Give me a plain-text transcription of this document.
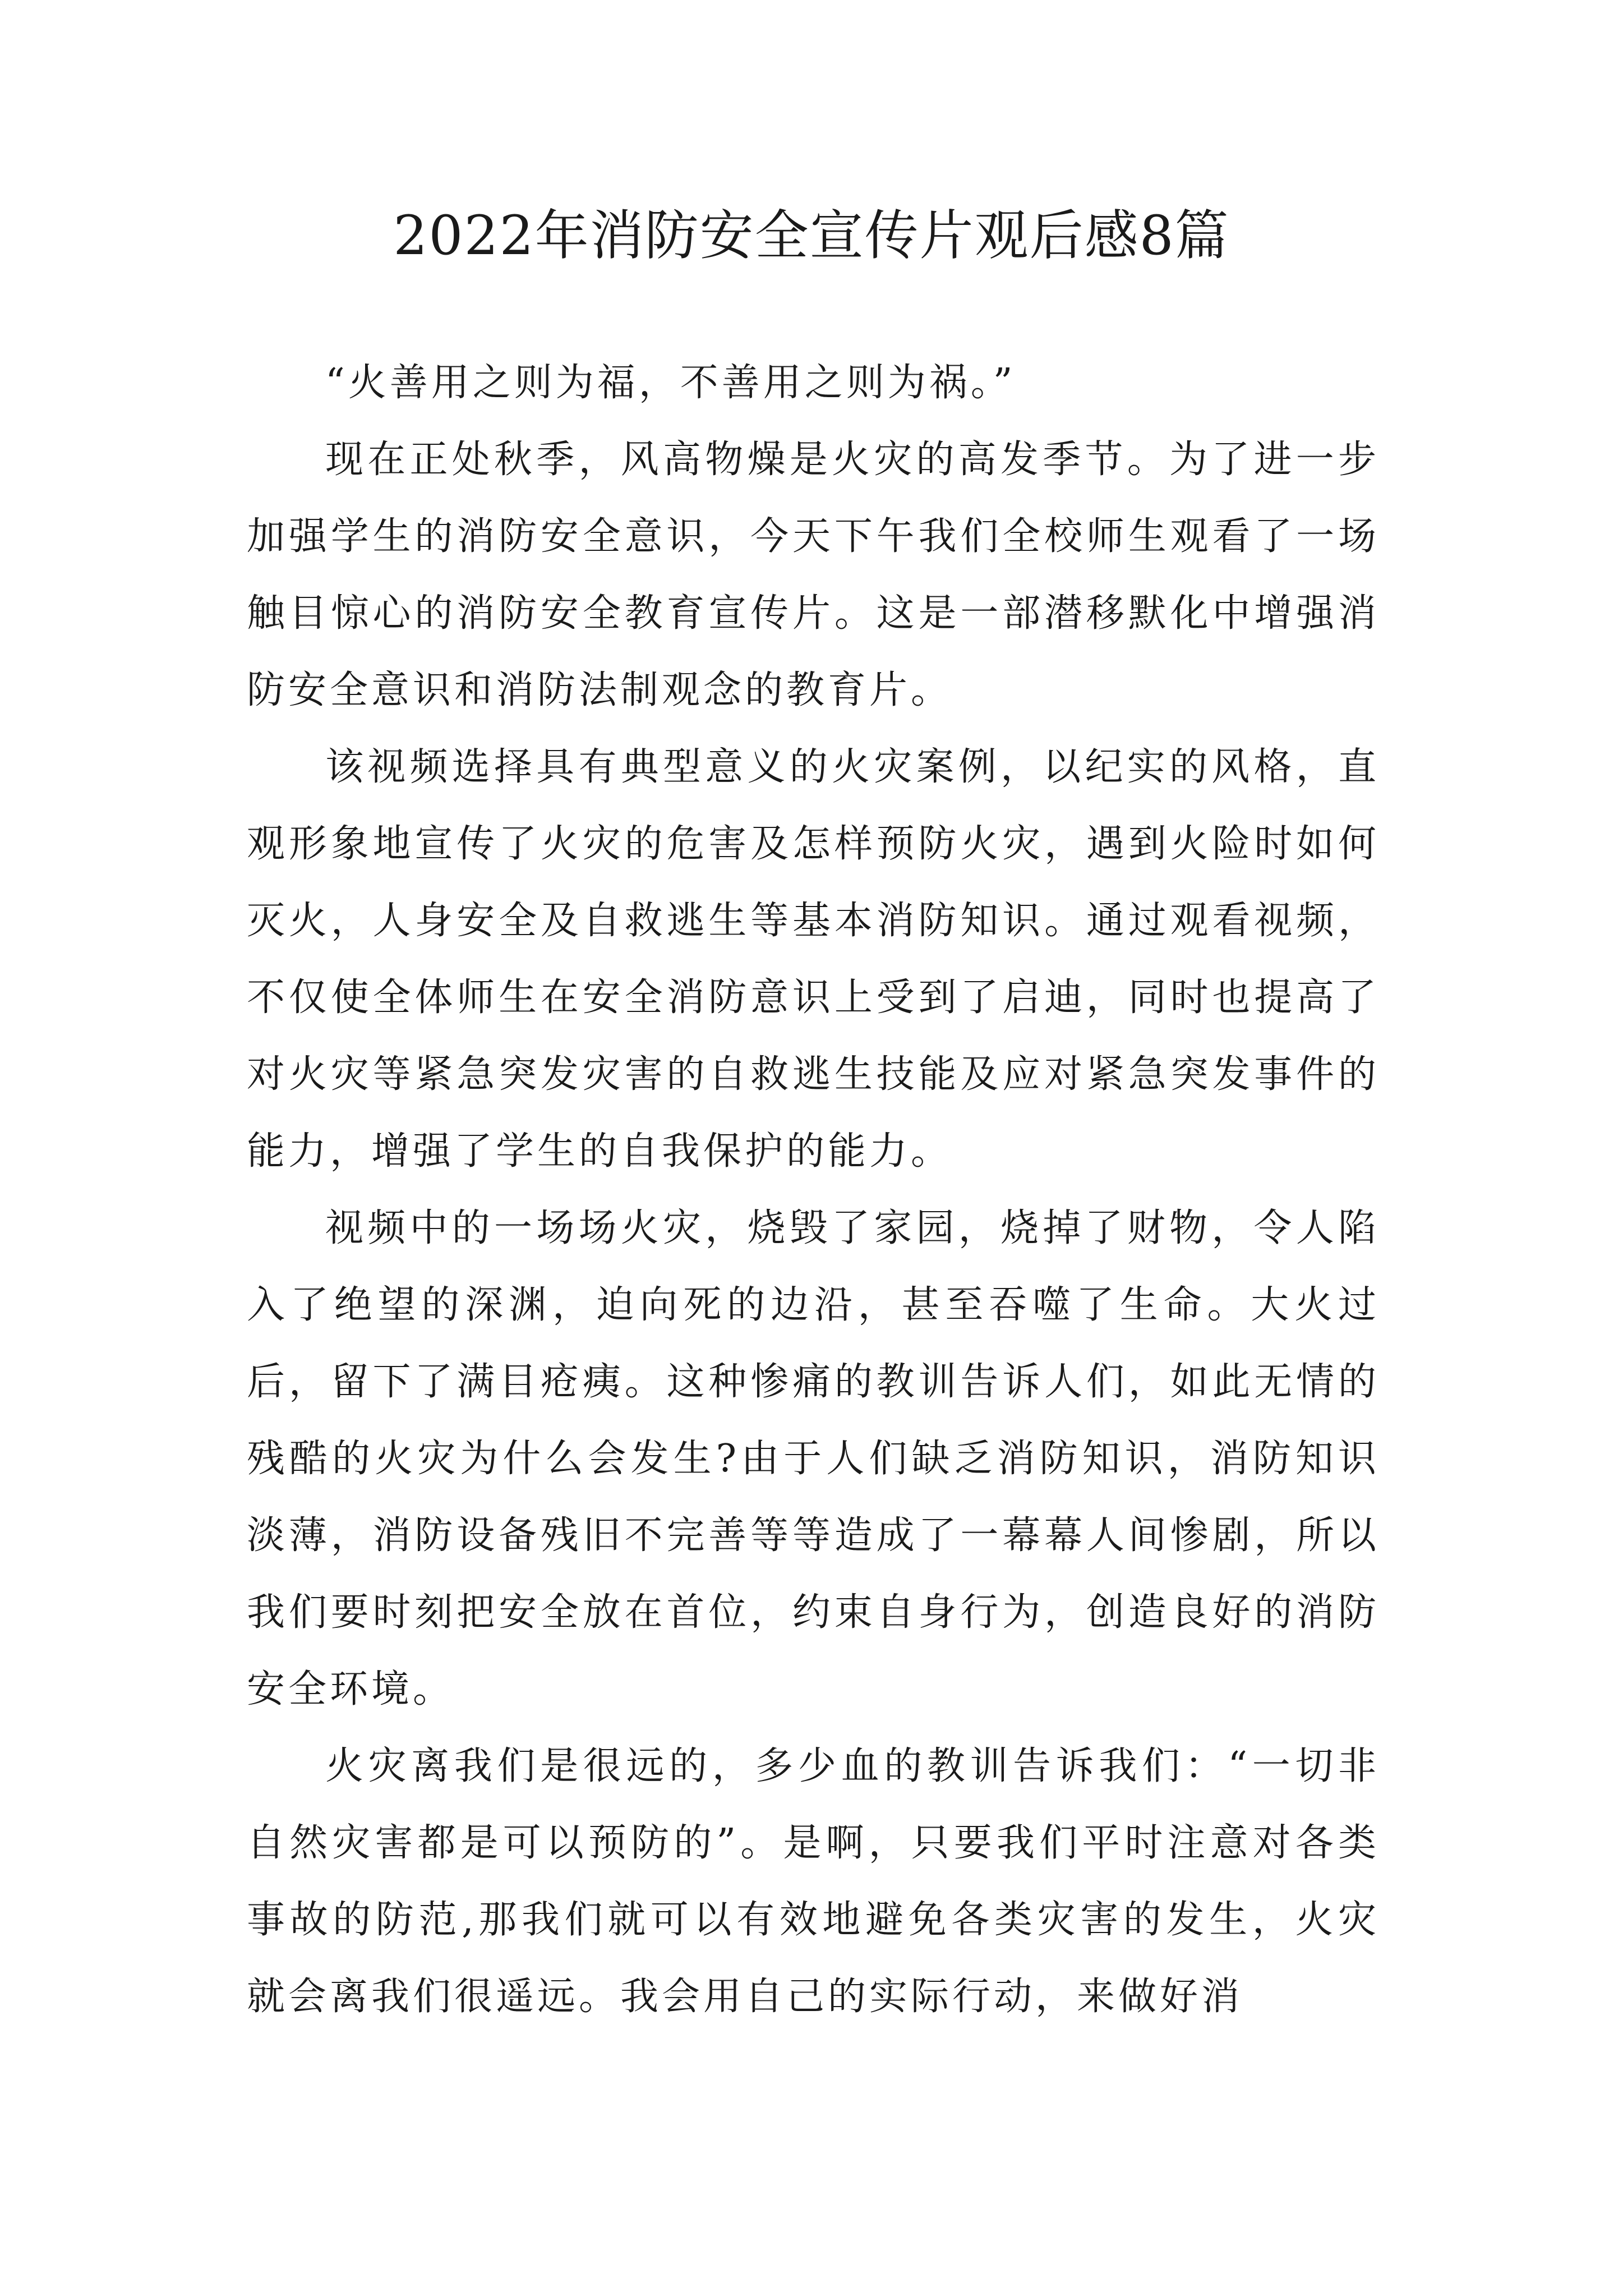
2022年消防安全宣传片观后感8篇

“火善用之则为福，不善用之则为祸。”

现在正处秋季，风高物燥是火灾的高发季节。为了进一步加强学生的消防安全意识，今天下午我们全校师生观看了一场触目惊心的消防安全教育宣传片。这是一部潜移默化中增强消防安全意识和消防法制观念的教育片。

该视频选择具有典型意义的火灾案例，以纪实的风格，直观形象地宣传了火灾的危害及怎样预防火灾，遇到火险时如何灭火，人身安全及自救逃生等基本消防知识。通过观看视频，不仅使全体师生在安全消防意识上受到了启迪，同时也提高了对火灾等紧急突发灾害的自救逃生技能及应对紧急突发事件的能力，增强了学生的自我保护的能力。

视频中的一场场火灾，烧毁了家园，烧掉了财物，令人陷入了绝望的深渊，迫向死的边沿，甚至吞噬了生命。大火过后，留下了满目疮痍。这种惨痛的教训告诉人们，如此无情的残酷的火灾为什么会发生?由于人们缺乏消防知识，消防知识淡薄，消防设备残旧不完善等等造成了一幕幕人间惨剧，所以我们要时刻把安全放在首位，约束自身行为，创造良好的消防安全环境。

火灾离我们是很远的，多少血的教训告诉我们：“一切非自然灾害都是可以预防的”。是啊，只要我们平时注意对各类事故的防范,那我们就可以有效地避免各类灾害的发生，火灾就会离我们很遥远。我会用自己的实际行动，来做好消
